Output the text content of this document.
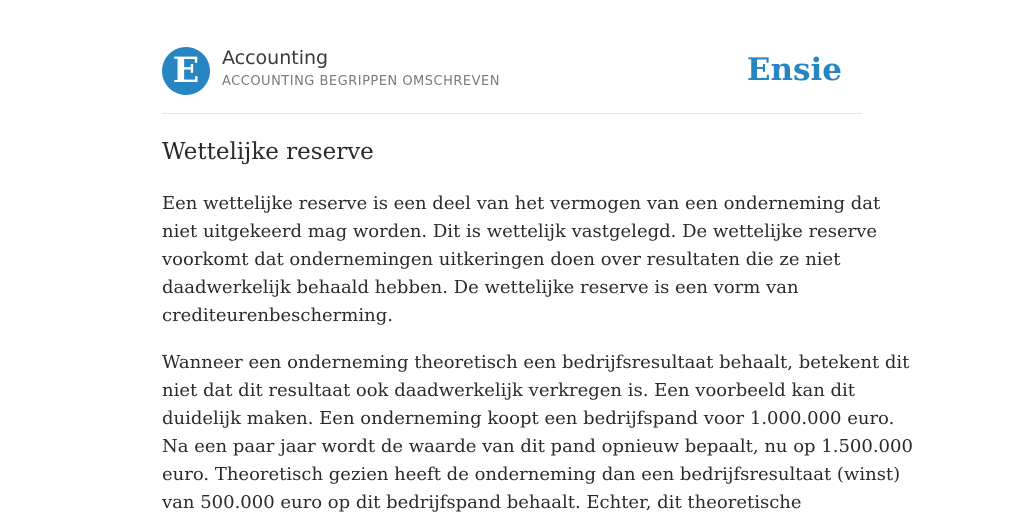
E	Accounting
ACCOUNTING BEGRIPPEN OMSCHREVEN	Ensie
Wettelijke reserve

Een wettelijke reserve is een deel van het vermogen van een onderneming dat
niet uitgekeerd mag worden. Dit is wettelijk vastgelegd. De wettelijke reserve
voorkomt dat ondernemingen uitkeringen doen over resultaten die ze niet
daadwerkelijk behaald hebben. De wettelijke reserve is een vorm van
crediteurenbescherming.

Wanneer een onderneming theoretisch een bedrijfsresultaat behaalt, betekent dit
niet dat dit resultaat ook daadwerkelijk verkregen is. Een voorbeeld kan dit
duidelijk maken. Een onderneming koopt een bedrijfspand voor 1.000.000 euro.
Na een paar jaar wordt de waarde van dit pand opnieuw bepaalt, nu op 1.500.000
euro. Theoretisch gezien heeft de onderneming dan een bedrijfsresultaat (winst)
van 500.000 euro op dit bedrijfspand behaalt. Echter, dit theoretische
